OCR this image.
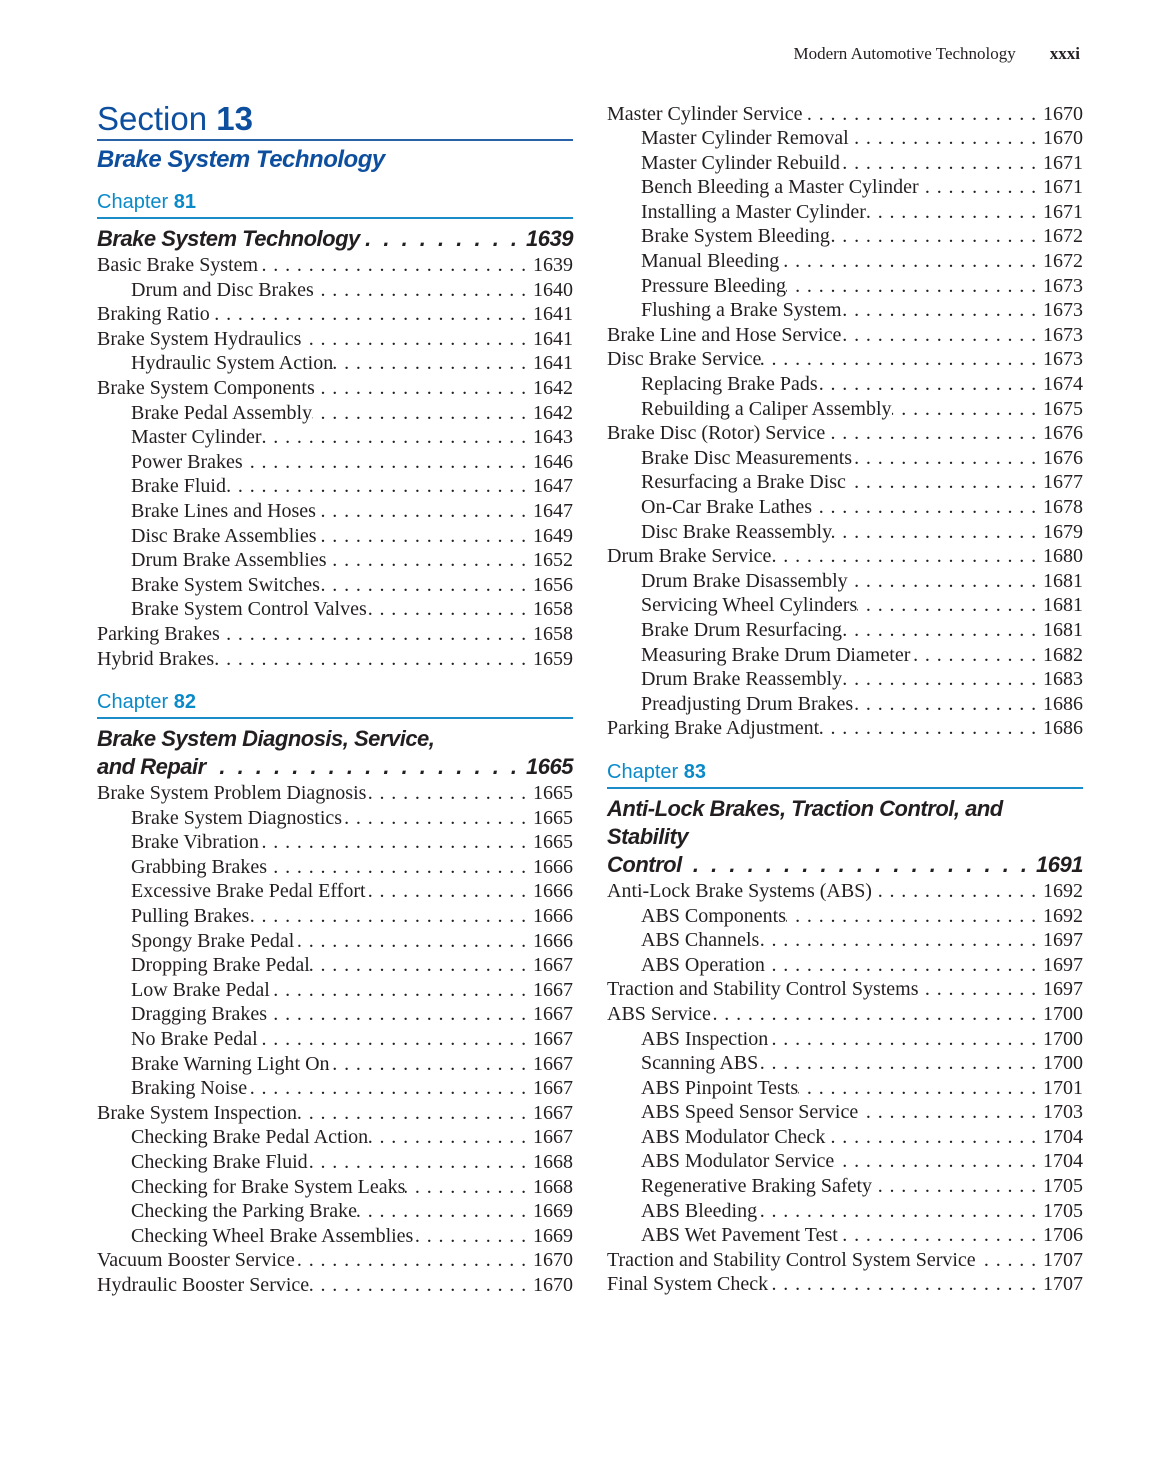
Modern Automotive Technology xxxi
Section 13
Brake System Technology
Chapter 81
Brake System Technology . . .	1639
Basic Brake System . . .	1639
Drum and Disc Brakes . . .	1640
Braking Ratio . . .	1641
Brake System Hydraulics . . .	1641
Hydraulic System Action . . .	1641
Brake System Components . . .	1642
Brake Pedal Assembly . . .	1642
Master Cylinder . . .	1643
Power Brakes . . .	1646
Brake Fluid . . .	1647
Brake Lines and Hoses . . .	1647
Disc Brake Assemblies . . .	1649
Drum Brake Assemblies . . .	1652
Brake System Switches . . .	1656
Brake System Control Valves . . .	1658
Parking Brakes . . .	1658
Hybrid Brakes . . .	1659
Chapter 82
Brake System Diagnosis, Service,
and Repair . . .	1665
Brake System Problem Diagnosis . . .	1665
Brake System Diagnostics . . .	1665
Brake Vibration . . .	1665
Grabbing Brakes . . .	1666
Excessive Brake Pedal Effort . . .	1666
Pulling Brakes . . .	1666
Spongy Brake Pedal . . .	1666
Dropping Brake Pedal . . .	1667
Low Brake Pedal . . .	1667
Dragging Brakes . . .	1667
No Brake Pedal . . .	1667
Brake Warning Light On . . .	1667
Braking Noise . . .	1667
Brake System Inspection . . .	1667
Checking Brake Pedal Action . . .	1667
Checking Brake Fluid . . .	1668
Checking for Brake System Leaks . . .	1668
Checking the Parking Brake . . .	1669
Checking Wheel Brake Assemblies . . .	1669
Vacuum Booster Service . . .	1670
Hydraulic Booster Service . . .	1670
Master Cylinder Service . . .	1670
Master Cylinder Removal . . .	1670
Master Cylinder Rebuild . . .	1671
Bench Bleeding a Master Cylinder . . .	1671
Installing a Master Cylinder . . .	1671
Brake System Bleeding . . .	1672
Manual Bleeding . . .	1672
Pressure Bleeding . . .	1673
Flushing a Brake System . . .	1673
Brake Line and Hose Service . . .	1673
Disc Brake Service . . .	1673
Replacing Brake Pads . . .	1674
Rebuilding a Caliper Assembly . . .	1675
Brake Disc (Rotor) Service . . .	1676
Brake Disc Measurements . . .	1676
Resurfacing a Brake Disc . . .	1677
On-Car Brake Lathes . . .	1678
Disc Brake Reassembly . . .	1679
Drum Brake Service . . .	1680
Drum Brake Disassembly . . .	1681
Servicing Wheel Cylinders . . .	1681
Brake Drum Resurfacing . . .	1681
Measuring Brake Drum Diameter . . .	1682
Drum Brake Reassembly . . .	1683
Preadjusting Drum Brakes . . .	1686
Parking Brake Adjustment . . .	1686
Chapter 83
Anti-Lock Brakes, Traction Control, and Stability
Control . . .	1691
Anti-Lock Brake Systems (ABS) . . .	1692
ABS Components . . .	1692
ABS Channels . . .	1697
ABS Operation . . .	1697
Traction and Stability Control Systems . . .	1697
ABS Service . . .	1700
ABS Inspection . . .	1700
Scanning ABS . . .	1700
ABS Pinpoint Tests . . .	1701
ABS Speed Sensor Service . . .	1703
ABS Modulator Check . . .	1704
ABS Modulator Service . . .	1704
Regenerative Braking Safety . . .	1705
ABS Bleeding . . .	1705
ABS Wet Pavement Test . . .	1706
Traction and Stability Control System Service . . .	1707
Final System Check . . .	1707
